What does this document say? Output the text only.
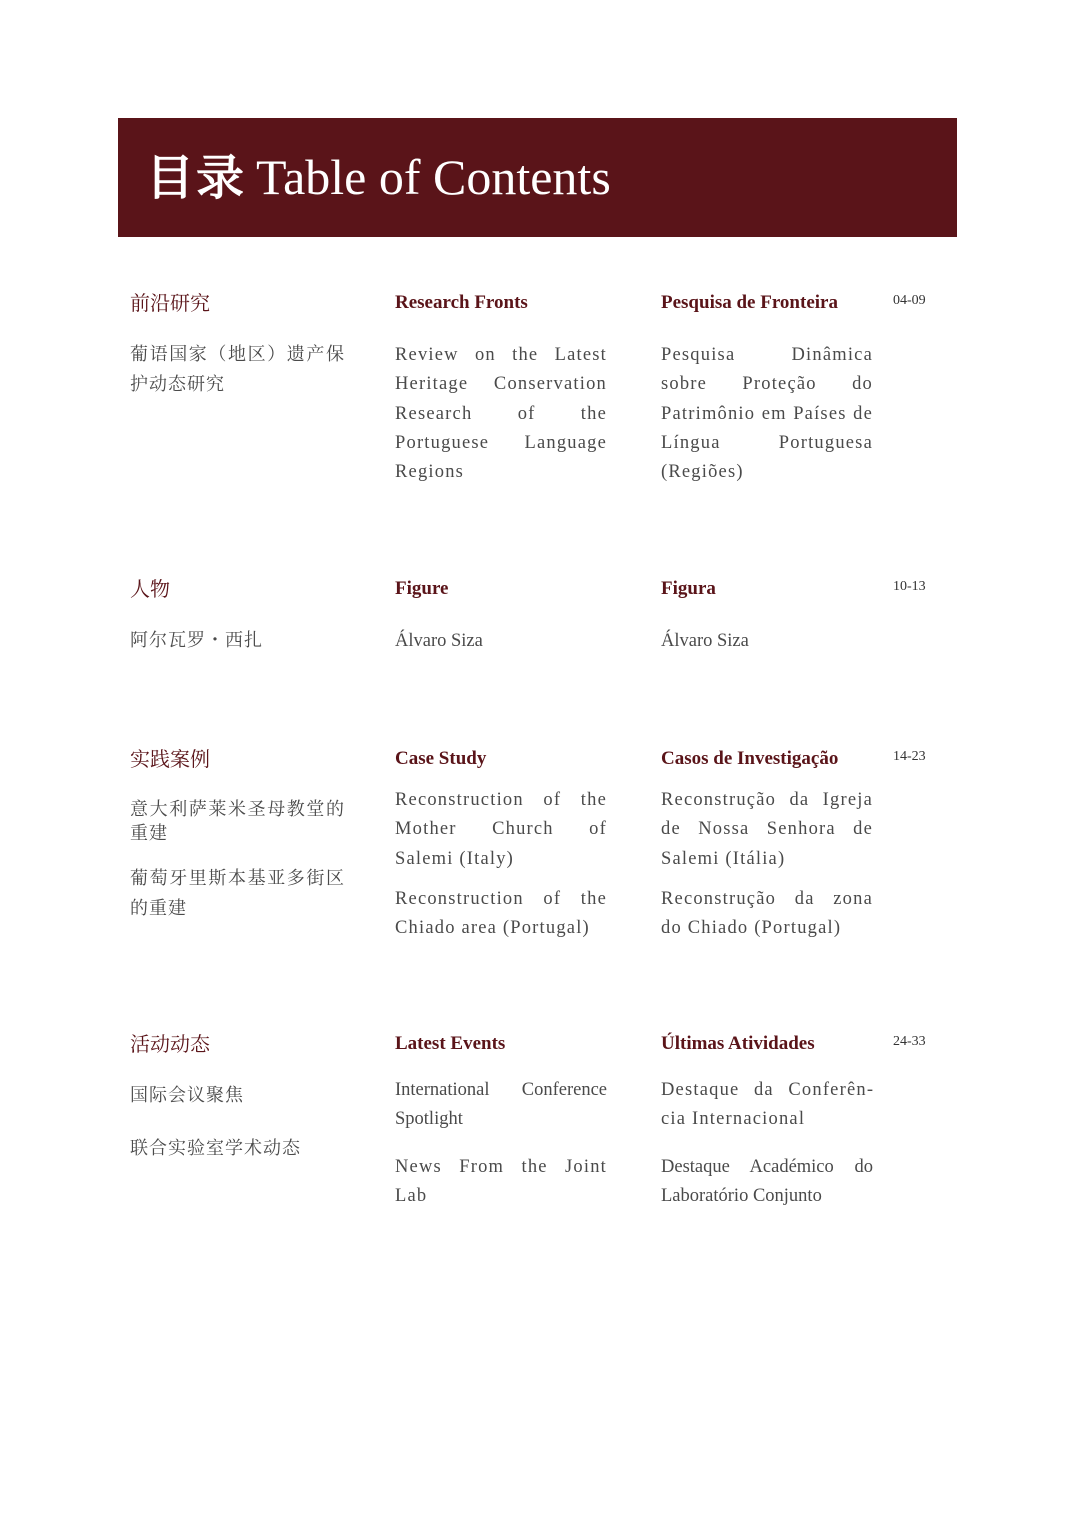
目录 Table of Contents
前沿研究
葡语国家（地区）遗产保护动态研究
Research Fronts
Review on the Latest Heritage Conservation Research of the Portuguese Language Regions
Pesquisa de Fronteira
Pesquisa Dinâmica sobre Proteção do Patrimônio em Países de Língua Portuguesa (Regiões)
04-09
人物
阿尔瓦罗・西扎
Figure
Álvaro Siza
Figura
Álvaro Siza
10-13
实践案例
意大利萨莱米圣母教堂的重建
葡萄牙里斯本基亚多街区的重建
Case Study
Reconstruction of the Mother Church of Salemi (Italy)
Reconstruction of the Chiado area (Portugal)
Casos de Investigação
Reconstrução da Igreja de Nossa Senhora de Salemi (Itália)
Reconstrução da zona do Chiado (Portugal)
14-23
活动动态
国际会议聚焦
联合实验室学术动态
Latest Events
International Conference Spotlight
News From the Joint Lab
Últimas Atividades
Destaque da Conferência Internacional
Destaque Académico do Laboratório Conjunto
24-33
